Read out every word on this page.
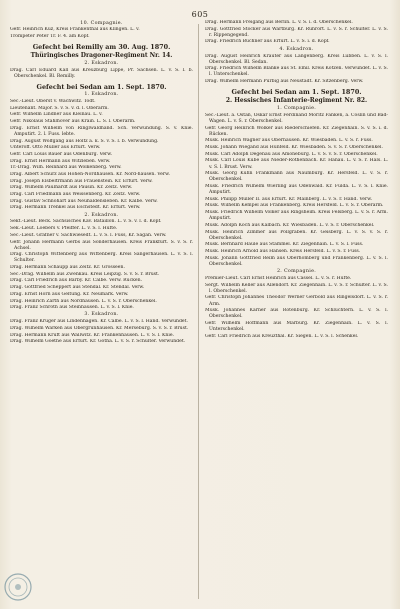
605
10. Compagnie.
Gefr. Heinrich Kuz, Kreis Frankenthal aus Klingen. L. v.
Trompeter Peter Tr. F. 4. am Kopf.
Gefecht bei Remilly am 30. Aug. 1870.
Thüringisches Dragoner-Regiment Nr. 14.
2. Eskadron.
Drag. Carl Eduard Kall aus Kreuzburg Lippe, Pr. Sachsen. L. v. S. l. b. Oberschenkel. Bl. Remilly.
Gefecht bei Sedan am 1. Sept. 1870.
1. Eskadron.
Sec.-Lieut. Oberst v. Wachwitz. Todt.
Lieutenant. Major. S. v. S. v. d. l. Oberarm.
Gefr. Wilhelm Lindner aus Kleinau. L. v.
Gefr. Nikolaus Stahlhöver aus Krain. L. S. l. Oberarm.
Drag. Ernst Wilhelm von Ringlwaldhand. Sch. Verwundung. S. v. Knie. Amputirt. 2. l. Fuss. lebte.
Drag. August Wolfgang aus Holtz a. k. S. v. S. l. b. Verwundung.
Unteroff. Otto Müller aus Erfurt. Verw.
Gefr. Carl Louis Bauer aus Odenburg. Verw.
Drag. Ernst Hermann aus Witzleben. Verw.
Tr.-Drag. Wilh. Reinhard aus Wolkenberg. Verw.
Drag. Albert Schurz aus Hohen-Nordhausen. Kr. Nord-hausen. Verw.
Drag. Joseph Elsbeltrmann aus Frauenstein. Kr. Erfurt. Verw.
Drag. Wilhelm Paulhardt aus Pausin. Kr. Zeitz. Verw.
Drag. Carl Friedmann aus Weissenberg. Kr. Zeitz. Verw.
Drag. Gustav Schnohart aus Neuhaldensleben. Kr. Kalbe. Verw.
Drag. Hermann Trenkel aus Eschstedt. Kr. Erfurt. Verw.
2. Eskadron.
Sekt.-Lieut. Beck. Sächsisches Kav. Bataillon. L. v. S. v. l. d. Kopf.
Sek.-Lieut. Loebers v. Pfeiffer. L. v. S. l. Hüfte.
Sec.-Lieut. Gräfner v. Sachwiesedt. L. v. S. l. Fuss, Kr. Sagan. Verw.
Gefr. Johann Hermann Gerbs aus Sonderhausen. Kreis Frankfurt. S. v. S. r. Achsel.
Drag. Christoph Wittenberg aus Wittenberg. Kreis Sangerhausen. L. v. S. l. Schulter.
Drag. Hermann Schaupp aus Zeitz. Kr. Grosseen.
Sec.-Drag. Wilhelm aus Zwenkau. Kreis Leipzig. S. v. S. r. Brust.
Drag. Carl Friedrich aus Barby. Kr. Calbe. Verw. Rücken.
Drag. Gottfried Scheppert aus Stendal. Kr. Stendal. Verw.
Drag. Ernst Horn aus Geltung. Kr. Neumark. Verw.
Drag. Heinrich Zarth aus Nordhausen. L. v. S. r. Oberschenkel.
Drag. Franz Schroth aus Steinhausen. L. v. S. l. Knie.
3. Eskadron.
Drag. Franz Krüger aus Lindenhagen. Kr. Calbe. L. v. S. l. Hand. Verwundet.
Drag. Wilhelm Wärken aus Obergrünhausen. Kr. Merseburg. S. v. S. r. Brust.
Drag. Hermann Kruft aus Wallwitz. Kr. Frankenhausen. L. v. S. l. Knie.
Drag. Wilhelm Goethe aus Erfurt. Kr. Gotha. L. v. S. r. Schulter. Verwundet.
Drag. Hermann Freigang aus Berlin. L. v. S. i. d. Oberschenkel.
Drag. Gottfried Stöcker aus Wartburg. Kr. Ruhrort. L. v. S. r. Schulter. L. v. S. r. Rippengegend.
Drag. Friedrich Buchner aus Erfurt. L. v. S. i. d. Kopf.
4. Eskadron.
Drag. August Heinrich Kräuter aus Langenberg. Kreis Lübben. L. v. S. l. Oberschenkel. Bl. Sedan.
Drag. Friedrich Wilhelm Blanke aus St. Emil. Kreis Kötzen. Verwundet. L. v. S. l. Unterschenkel.
Drag. Wilhelm Hermann Purbig aus Neustadt. Kr. Sitzenberg. Verw.
Gefecht bei Sedan am 1. Sept. 1870.
2. Hessisches Infanterie-Regiment Nr. 82.
1. Compagnie.
Sec.-Lieut. a. Ostan, Oskar Ernst Ferdinand Moritz Fanken, a. Cöslin und Bad-Wagen. L. v. S. r. Oberschenkel.
Gefr. Georg Heinrich Wolker aus Riederschiefen. Kr. Ziegenhain. S. v. S. i. d. Rücken.
Musk. Heinrich Wagner aus Oberhausen. Kr. Wiesbaden. L. v. S. r. Fuss.
Musk. Johann Wiegand aus Hünfeld. Kr. Wiesbaden. S. v. S. r. Oberschenkel.
Musk. Carl Adolph Degenau aus Amöneburg. L. v. S. v. S. r. Oberschenkel.
Musk. Carl Louis Kube aus Nieder-Rothenbach. Kr. Hanau. L. v. S. r. Hals. L. v. S. l. Brust. Verw.
Musk. Georg Kühn Fränkmann aus Naumburg. Kr. Hersfeld. L. v. S. r. Oberschenkel.
Musk. Friedrich Wilhelm Wierling aus Odenwald. Kr. Fulda. L. v. S. l. Knie. Amputirt.
Musk. Philipp Müller II. aus Erfurt. Kr. Mainberg. L. v. S. r. Hand. Verw.
Musk. Wilhelm Kempel aus Frankenberg. Kreis Hersfeld. L. v. S. r. Oberarm.
Musk. Friedrich Wilhelm Völker aus Ringsheim. Kreis Felsberg. L. v. S. r. Arm. Amputirt.
Musk. Adolph Koch aus Kalbach. Kr. Wiesbaden. L. v. S. r. Oberschenkel.
Musk. Heinrich Zimmer aus Pollgraben. Kr. Geisberg. L. v. S. v. S. r. Oberschenkel.
Musk. Bernhard Haule aus Stammel. Kr. Ziegenhain. L. v. S. l. Fuss.
Musk. Heinrich Arnold aus Hansen. Kreis Hersfeld. L. v. S. r. Fuss.
Musk. Johann Gottfried Reim aus Oberhomberg und Frankenberg. L. v. S. l. Oberschenkel.
2. Compagnie.
Premier-Lieut. Carl Ernst Heinrich aus Cassel. L. v. S. r. Hüfte.
Sergt. Wilhelm Keller aus Allendorf. Kr. Ziegenhain. L. v. S. r. Schulter. L. v. S. l. Oberschenkel.
Gefr. Christoph Johannes Theodor Werner Gerbold aus Ringelsdorf. L. v. S. r. Arm.
Musk. Johannes Kärner aus Rotenburg. Kr. Schlüchtern. L. v. S. l. Oberschenkel.
Gefr. Wilhelm Hoffmann aus Marburg. Kr. Ziegenhain. L. v. S. l. Unterschenkel.
Gefr. Carl Friedrich aus Kreuzthal. Kr. Siegen. L. v. S. l. Schenkel.
